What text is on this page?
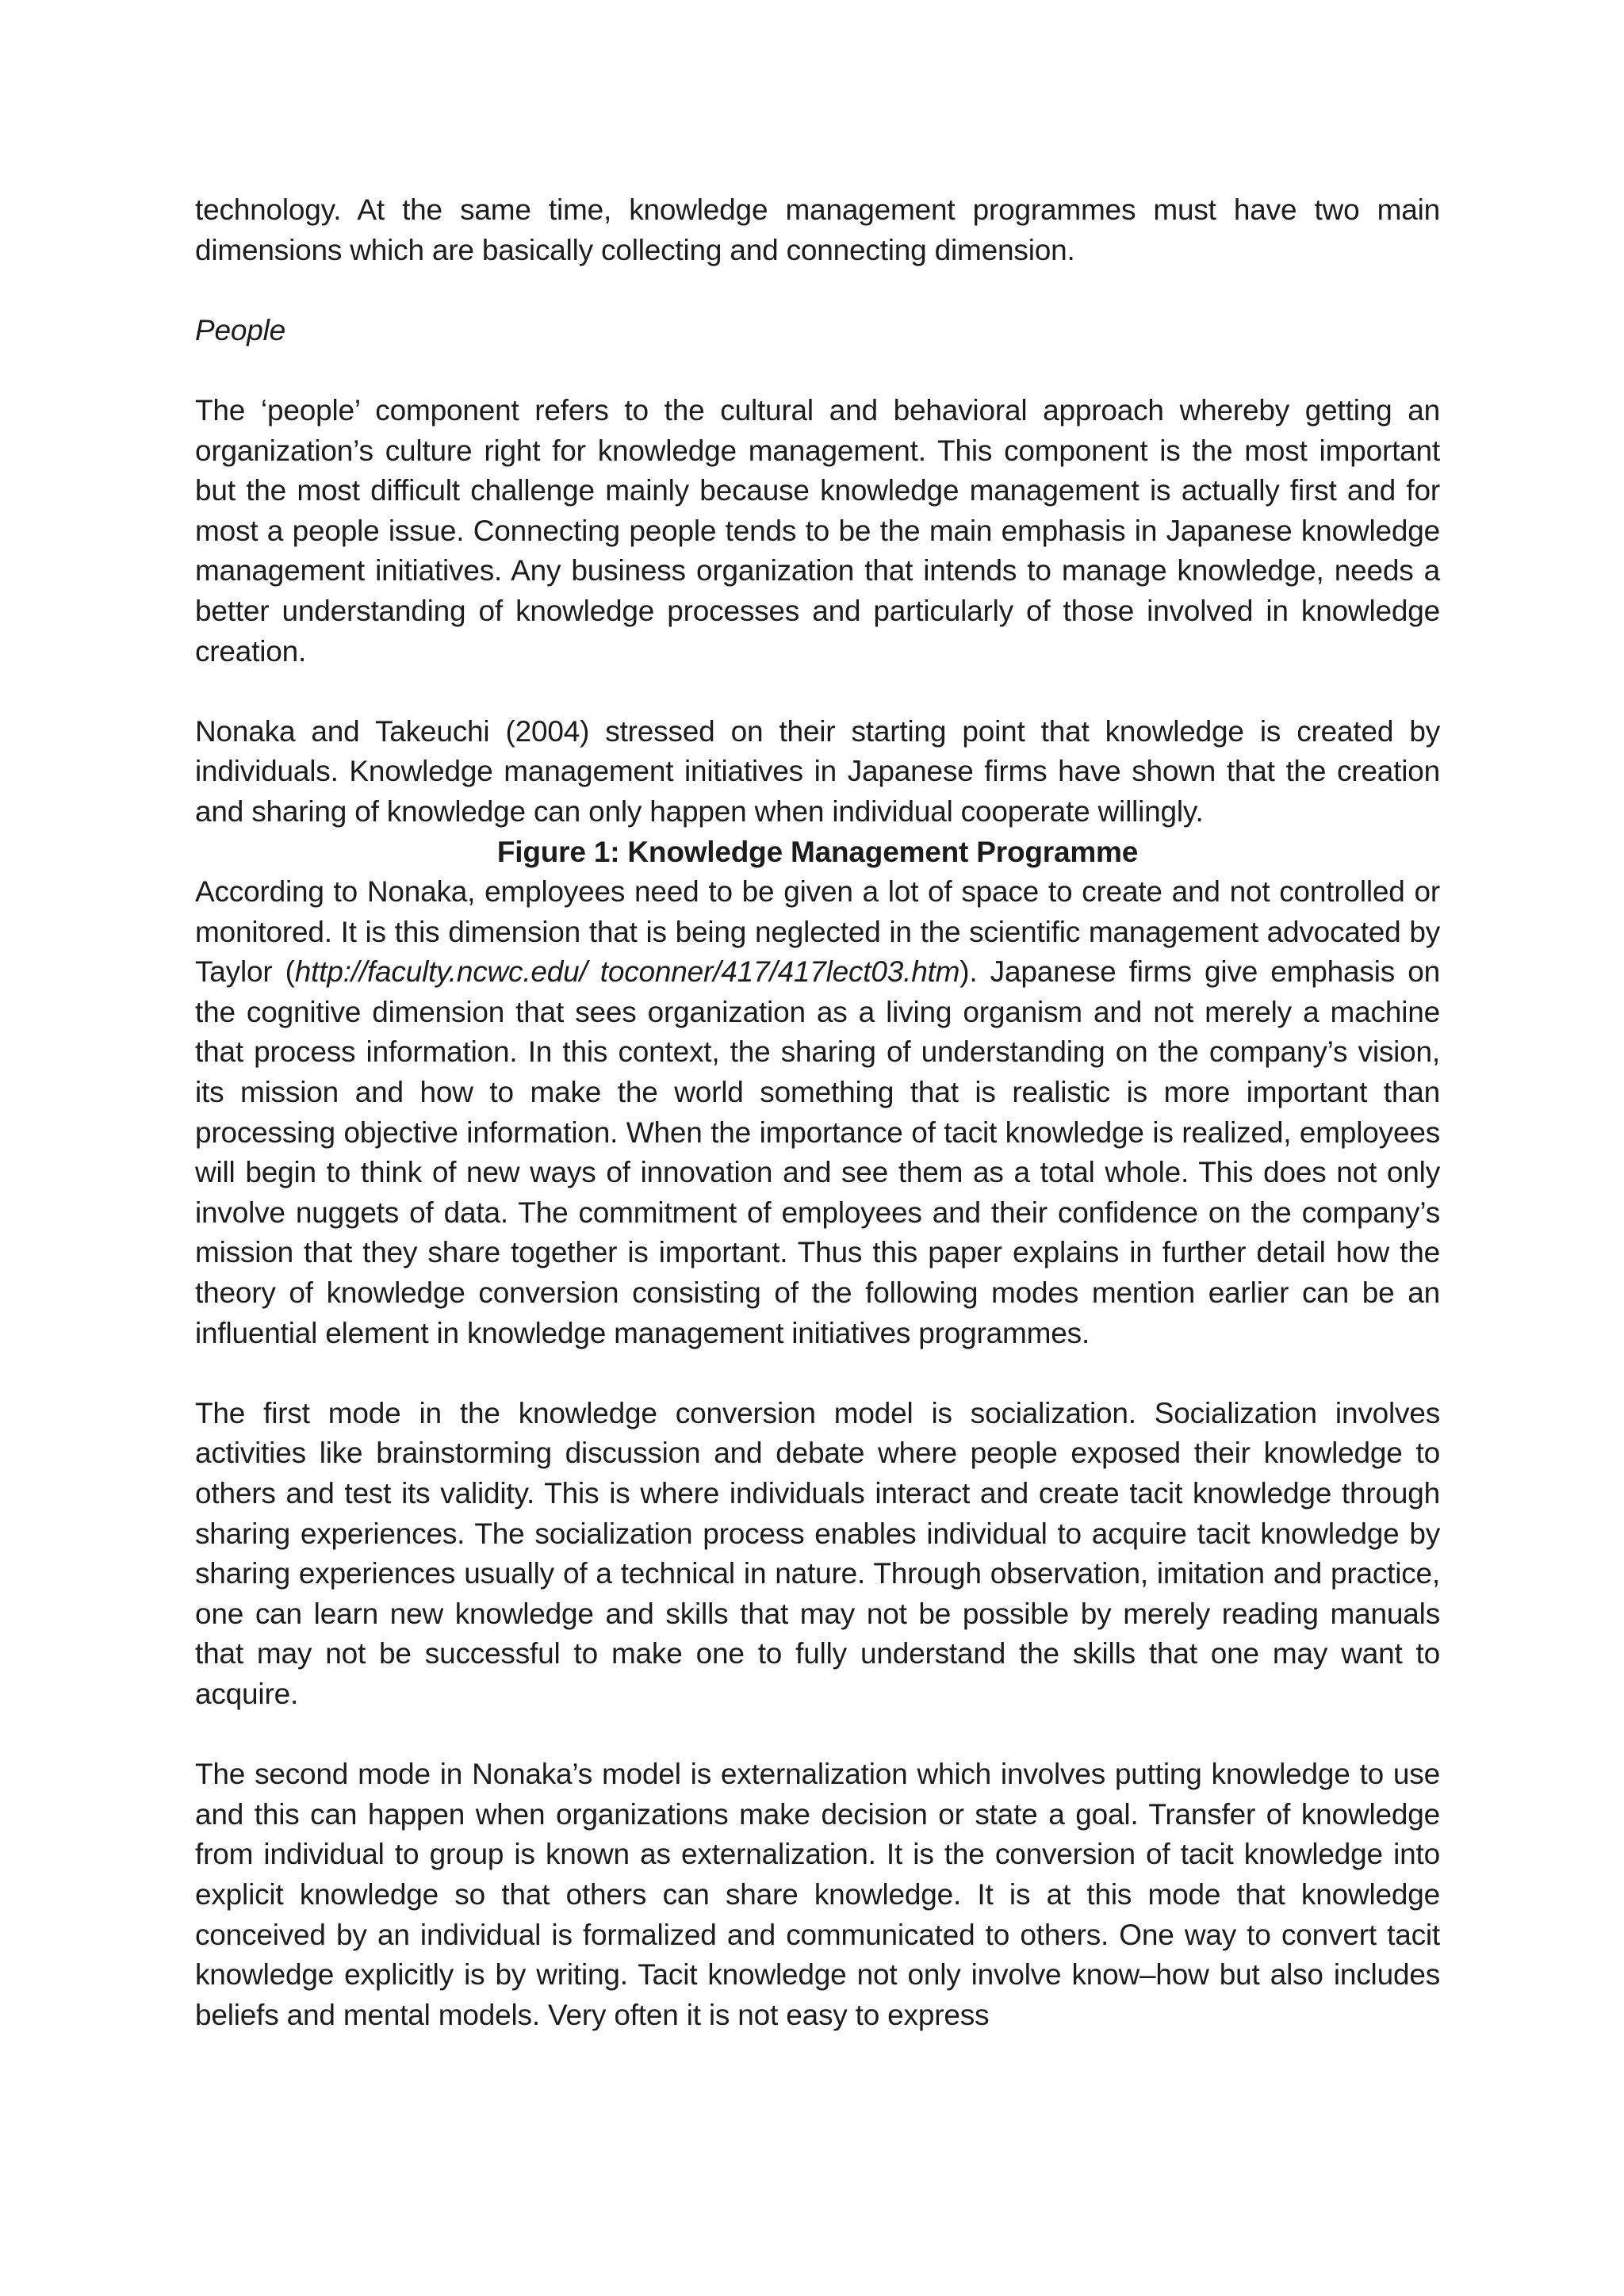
technology. At the same time, knowledge management programmes must have two main dimensions which are basically collecting and connecting dimension.

People

The ‘people’ component refers to the cultural and behavioral approach whereby getting an organization’s culture right for knowledge management. This component is the most important but the most difficult challenge mainly because knowledge management is actually first and for most a people issue. Connecting people tends to be the main emphasis in Japanese knowledge management initiatives. Any business organization that intends to manage knowledge, needs a better understanding of knowledge processes and particularly of those involved in knowledge creation.

Nonaka and Takeuchi (2004) stressed on their starting point that knowledge is created by individuals. Knowledge management initiatives in Japanese firms have shown that the creation and sharing of knowledge can only happen when individual cooperate willingly.

Figure 1: Knowledge Management Programme

According to Nonaka, employees need to be given a lot of space to create and not controlled or monitored. It is this dimension that is being neglected in the scientific management advocated by Taylor (http://faculty.ncwc.edu/ toconner/417/417lect03.htm). Japanese firms give emphasis on the cognitive dimension that sees organization as a living organism and not merely a machine that process information. In this context, the sharing of understanding on the company’s vision, its mission and how to make the world something that is realistic is more important than processing objective information. When the importance of tacit knowledge is realized, employees will begin to think of new ways of innovation and see them as a total whole. This does not only involve nuggets of data. The commitment of employees and their confidence on the company’s mission that they share together is important. Thus this paper explains in further detail how the theory of knowledge conversion consisting of the following modes mention earlier can be an influential element in knowledge management initiatives programmes.

The first mode in the knowledge conversion model is socialization. Socialization involves activities like brainstorming discussion and debate where people exposed their knowledge to others and test its validity. This is where individuals interact and create tacit knowledge through sharing experiences. The socialization process enables individual to acquire tacit knowledge by sharing experiences usually of a technical in nature. Through observation, imitation and practice, one can learn new knowledge and skills that may not be possible by merely reading manuals that may not be successful to make one to fully understand the skills that one may want to acquire.

The second mode in Nonaka’s model is externalization which involves putting knowledge to use and this can happen when organizations make decision or state a goal. Transfer of knowledge from individual to group is known as externalization. It is the conversion of tacit knowledge into explicit knowledge so that others can share knowledge. It is at this mode that knowledge conceived by an individual is formalized and communicated to others. One way to convert tacit knowledge explicitly is by writing. Tacit knowledge not only involve know–how but also includes beliefs and mental models. Very often it is not easy to express
